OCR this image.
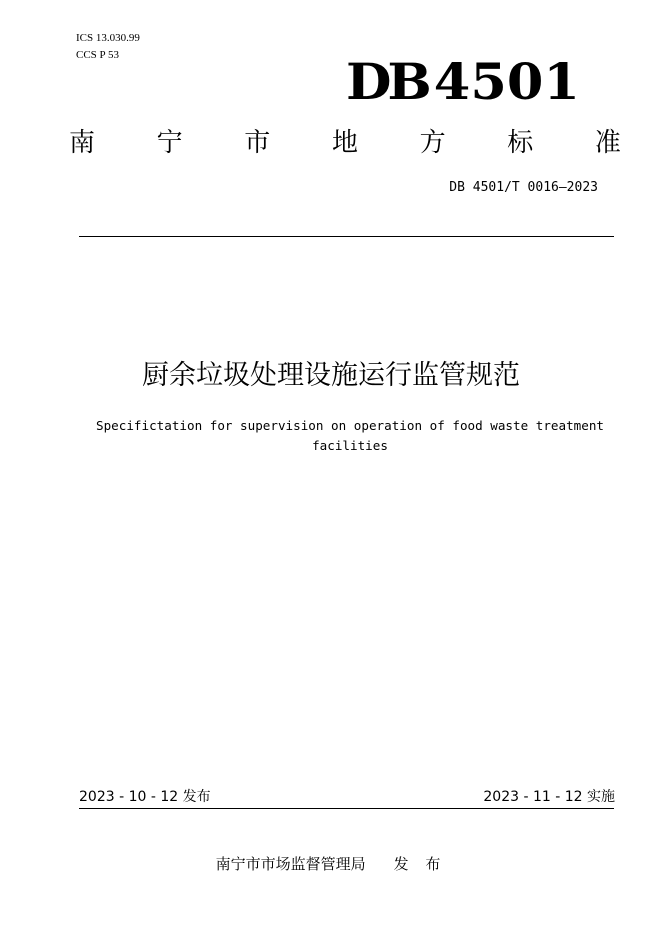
ICS 13.030.99
CCS P 53	DB 4501
南 宁 市 地 方 标 准
DB 4501/T 0016—2023
厨余垃圾处理设施运行监管规范
Specifictation for supervision on operation of food waste treatment facilities
2023 - 10 - 12 发布	2023 - 11 - 12 实施
南宁市市场监督管理局 发 布
